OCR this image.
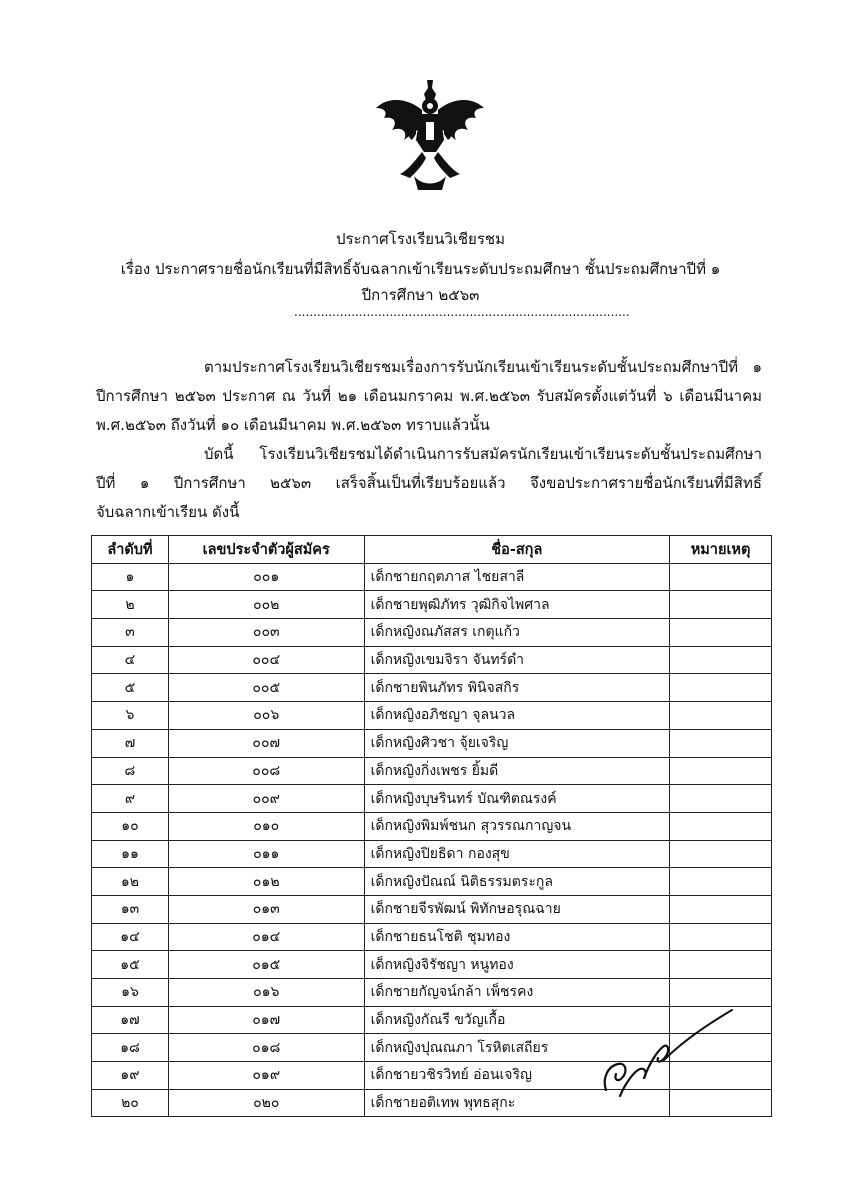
ประกาศโรงเรียนวิเชียรชม
เรื่อง ประกาศรายชื่อนักเรียนที่มีสิทธิ์จับฉลากเข้าเรียนระดับประถมศึกษา ชั้นประถมศึกษาปีที่ ๑
ปีการศึกษา ๒๕๖๓
........................................................................................
ตามประกาศโรงเรียนวิเชียรชมเรื่องการรับนักเรียนเข้าเรียนระดับชั้นประถมศึกษาปีที่ ๑
ปีการศึกษา ๒๕๖๓ ประกาศ ณ วันที่ ๒๑ เดือนมกราคม พ.ศ.๒๕๖๓ รับสมัครตั้งแต่วันที่ ๖ เดือนมีนาคม
พ.ศ.๒๕๖๓ ถึงวันที่ ๑๐ เดือนมีนาคม พ.ศ.๒๕๖๓ ทราบแล้วนั้น
บัดนี้ โรงเรียนวิเชียรชมได้ดำเนินการรับสมัครนักเรียนเข้าเรียนระดับชั้นประถมศึกษา
ปีที่ ๑ ปีการศึกษา ๒๕๖๓ เสร็จสิ้นเป็นที่เรียบร้อยแล้ว จึงขอประกาศรายชื่อนักเรียนที่มีสิทธิ์
จับฉลากเข้าเรียน ดังนี้
ลำดับที่	เลขประจำตัวผู้สมัคร	ชื่อ-สกุล	หมายเหตุ
๑	๐๐๑	เด็กชายกฤตภาส ไชยสาลี	
๒	๐๐๒	เด็กชายพุฒิภัทร วุฒิกิจไพศาล	
๓	๐๐๓	เด็กหญิงณภัสสร เกตุแก้ว	
๔	๐๐๔	เด็กหญิงเขมจิรา จันทร์ดำ	
๕	๐๐๕	เด็กชายพินภัทร พินิจสกิร	
๖	๐๐๖	เด็กหญิงอภิชญา จุลนวล	
๗	๐๐๗	เด็กหญิงศิวชา จุ้ยเจริญ	
๘	๐๐๘	เด็กหญิงกิ่งเพชร ยิ้มดี	
๙	๐๐๙	เด็กหญิงบุษรินทร์ บัณฑิตณรงค์	
๑๐	๐๑๐	เด็กหญิงพิมพ์ชนก สุวรรณกาญจน	
๑๑	๐๑๑	เด็กหญิงปิยธิดา กองสุข	
๑๒	๐๑๒	เด็กหญิงปัณณ์ นิติธรรมตระกูล	
๑๓	๐๑๓	เด็กชายจีรพัฒน์ พิทักษอรุณฉาย	
๑๔	๐๑๔	เด็กชายธนโชติ ชุมทอง	
๑๕	๐๑๕	เด็กหญิงจิรัชญา หนูทอง	
๑๖	๐๑๖	เด็กชายกัญจน์กล้า เพ็ชรคง	
๑๗	๐๑๗	เด็กหญิงกัณรี ขวัญเกื้อ	
๑๘	๐๑๘	เด็กหญิงปุณณภา โรหิตเสถียร	
๑๙	๐๑๙	เด็กชายวชิรวิทย์ อ่อนเจริญ	
๒๐	๐๒๐	เด็กชายอติเทพ พุทธสุกะ	
